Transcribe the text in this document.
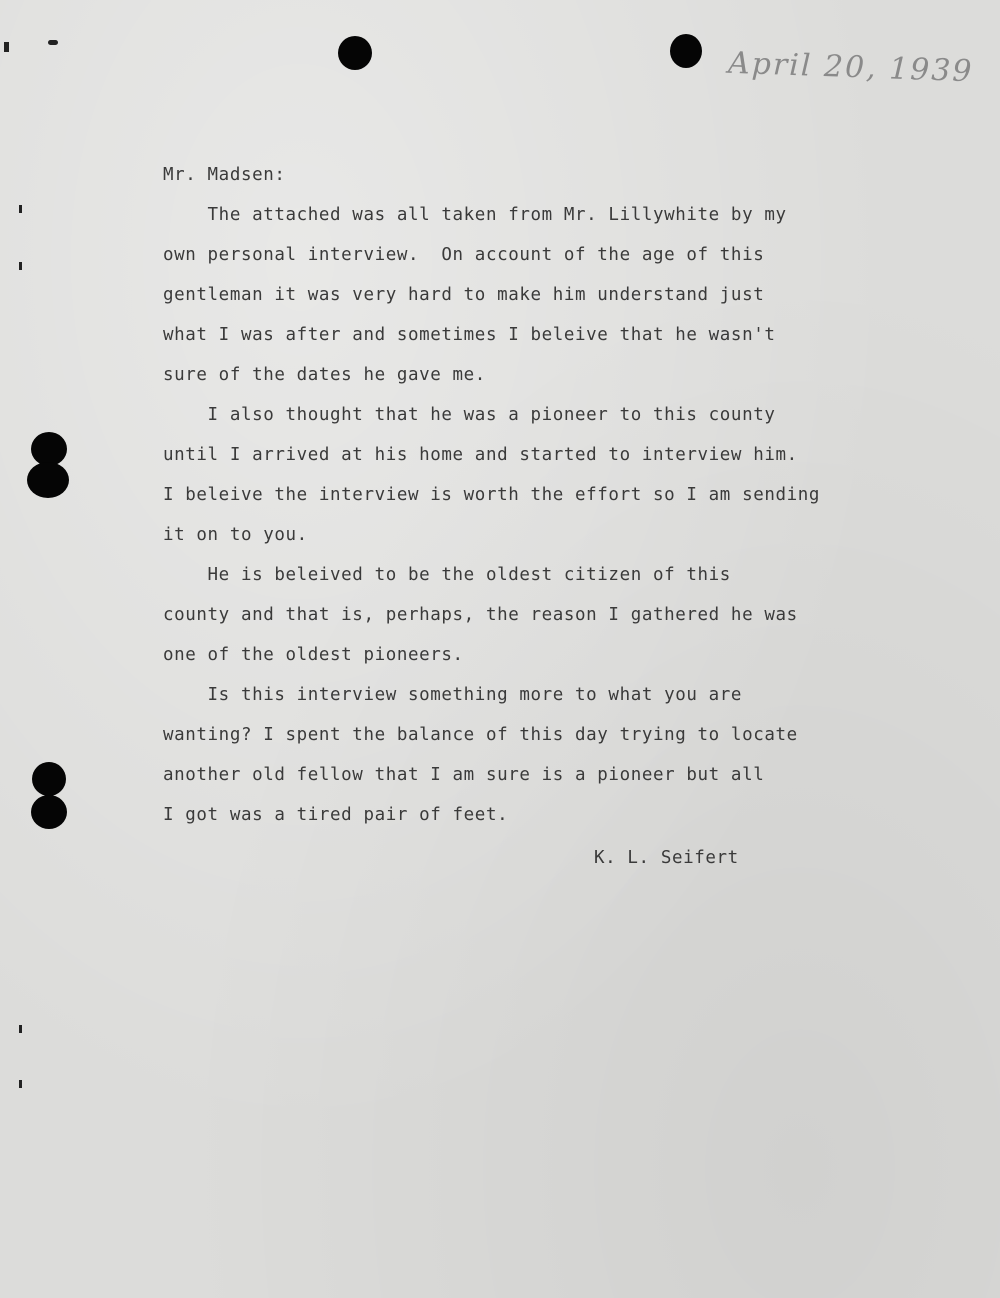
April 20, 1939

Mr. Madsen:

The attached was all taken from Mr. Lillywhite by my
own personal interview.  On account of the age of this
gentleman it was very hard to make him understand just
what I was after and sometimes I beleive that he wasn't
sure of the dates he gave me.

I also thought that he was a pioneer to this county
until I arrived at his home and started to interview him.
I beleive the interview is worth the effort so I am sending
it on to you.

He is beleived to be the oldest citizen of this
county and that is, perhaps, the reason I gathered he was
one of the oldest pioneers.

Is this interview something more to what you are
wanting? I spent the balance of this day trying to locate
another old fellow that I am sure is a pioneer but all
I got was a tired pair of feet.

K. L. Seifert
